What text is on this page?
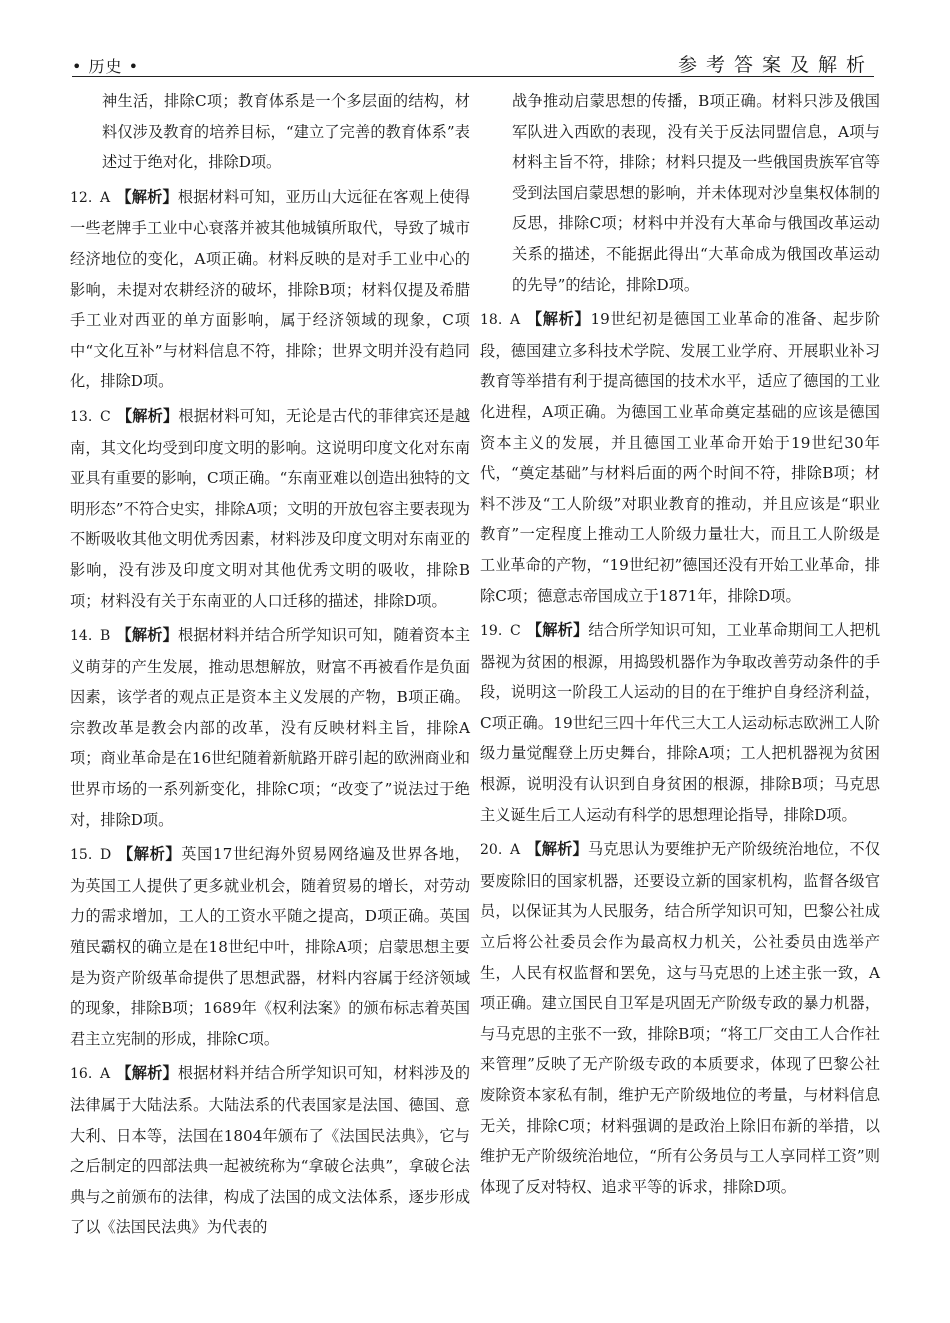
• 历史 •	参考答案及解析

神生活，排除C项；教育体系是一个多层面的结构，材料仅涉及教育的培养目标，“建立了完善的教育体系”表述过于绝对化，排除D项。

12. A 【解析】根据材料可知，亚历山大远征在客观上使得一些老牌手工业中心衰落并被其他城镇所取代，导致了城市经济地位的变化，A项正确。材料反映的是对手工业中心的影响，未提对农耕经济的破坏，排除B项；材料仅提及希腊手工业对西亚的单方面影响，属于经济领域的现象，C项中“文化互补”与材料信息不符，排除；世界文明并没有趋同化，排除D项。

13. C 【解析】根据材料可知，无论是古代的菲律宾还是越南，其文化均受到印度文明的影响。这说明印度文化对东南亚具有重要的影响，C项正确。“东南亚难以创造出独特的文明形态”不符合史实，排除A项；文明的开放包容主要表现为不断吸收其他文明优秀因素，材料涉及印度文明对东南亚的影响，没有涉及印度文明对其他优秀文明的吸收，排除B项；材料没有关于东南亚的人口迁移的描述，排除D项。

14. B 【解析】根据材料并结合所学知识可知，随着资本主义萌芽的产生发展，推动思想解放，财富不再被看作是负面因素，该学者的观点正是资本主义发展的产物，B项正确。宗教改革是教会内部的改革，没有反映材料主旨，排除A项；商业革命是在16世纪随着新航路开辟引起的欧洲商业和世界市场的一系列新变化，排除C项；“改变了”说法过于绝对，排除D项。

15. D 【解析】英国17世纪海外贸易网络遍及世界各地，为英国工人提供了更多就业机会，随着贸易的增长，对劳动力的需求增加，工人的工资水平随之提高，D项正确。英国殖民霸权的确立是在18世纪中叶，排除A项；启蒙思想主要是为资产阶级革命提供了思想武器，材料内容属于经济领域的现象，排除B项；1689年《权利法案》的颁布标志着英国君主立宪制的形成，排除C项。

16. A 【解析】根据材料并结合所学知识可知，材料涉及的法律属于大陆法系。大陆法系的代表国家是法国、德国、意大利、日本等，法国在1804年颁布了《法国民法典》，它与之后制定的四部法典一起被统称为“拿破仑法典”，拿破仑法典与之前颁布的法律，构成了法国的成文法体系，逐步形成了以《法国民法典》为代表的

战争推动启蒙思想的传播，B项正确。材料只涉及俄国军队进入西欧的表现，没有关于反法同盟信息，A项与材料主旨不符，排除；材料只提及一些俄国贵族军官等受到法国启蒙思想的影响，并未体现对沙皇集权体制的反思，排除C项；材料中并没有大革命与俄国改革运动关系的描述，不能据此得出“大革命成为俄国改革运动的先导”的结论，排除D项。

18. A 【解析】19世纪初是德国工业革命的准备、起步阶段，德国建立多科技术学院、发展工业学府、开展职业补习教育等举措有利于提高德国的技术水平，适应了德国的工业化进程，A项正确。为德国工业革命奠定基础的应该是德国资本主义的发展，并且德国工业革命开始于19世纪30年代，“奠定基础”与材料后面的两个时间不符，排除B项；材料不涉及“工人阶级”对职业教育的推动，并且应该是“职业教育”一定程度上推动工人阶级力量壮大，而且工人阶级是工业革命的产物，“19世纪初”德国还没有开始工业革命，排除C项；德意志帝国成立于1871年，排除D项。

19. C 【解析】结合所学知识可知，工业革命期间工人把机器视为贫困的根源，用捣毁机器作为争取改善劳动条件的手段，说明这一阶段工人运动的目的在于维护自身经济利益，C项正确。19世纪三四十年代三大工人运动标志欧洲工人阶级力量觉醒登上历史舞台，排除A项；工人把机器视为贫困根源，说明没有认识到自身贫困的根源，排除B项；马克思主义诞生后工人运动有科学的思想理论指导，排除D项。

20. A 【解析】马克思认为要维护无产阶级统治地位，不仅要废除旧的国家机器，还要设立新的国家机构，监督各级官员，以保证其为人民服务，结合所学知识可知，巴黎公社成立后将公社委员会作为最高权力机关，公社委员由选举产生，人民有权监督和罢免，这与马克思的上述主张一致，A项正确。建立国民自卫军是巩固无产阶级专政的暴力机器，与马克思的主张不一致，排除B项；“将工厂交由工人合作社来管理”反映了无产阶级专政的本质要求，体现了巴黎公社废除资本家私有制，维护无产阶级地位的考量，与材料信息无关，排除C项；材料强调的是政治上除旧布新的举措，以维护无产阶级统治地位，“所有公务员与工人享同样工资”则体现了反对特权、追求平等的诉求，排除D项。
